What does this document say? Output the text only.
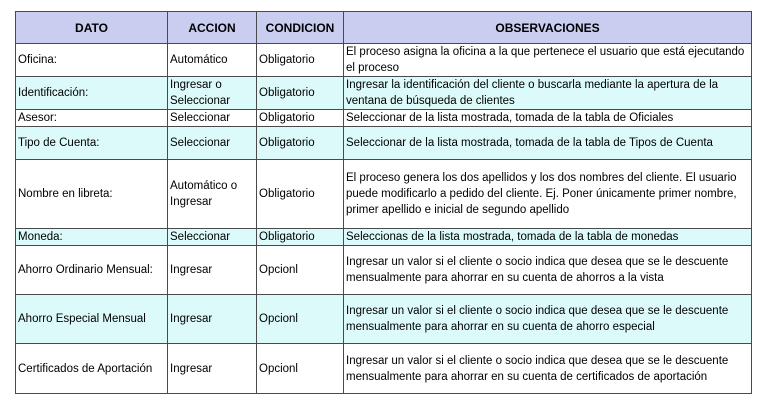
DATO	ACCION	CONDICION	OBSERVACIONES
Oficina:	Automático	Obligatorio	El proceso asigna la oficina a la que pertenece el usuario que está ejecutando el proceso
Identificación:	Ingresar o Seleccionar	Obligatorio	Ingresar la identificación del cliente o buscarla mediante la apertura de la ventana de búsqueda de clientes
Asesor:	Seleccionar	Obligatorio	Seleccionar de la lista mostrada, tomada de la tabla de Oficiales
Tipo de Cuenta:	Seleccionar	Obligatorio	Seleccionar de la lista mostrada, tomada de la tabla de Tipos de Cuenta
Nombre en libreta:	Automático o Ingresar	Obligatorio	El proceso genera los dos apellidos y los dos nombres del cliente. El usuario puede modificarlo a pedido del cliente. Ej. Poner únicamente primer nombre, primer apellido e inicial de segundo apellido
Moneda:	Seleccionar	Obligatorio	Seleccionas de la lista mostrada, tomada de la tabla de monedas
Ahorro Ordinario Mensual:	Ingresar	Opcionl	Ingresar un valor si el cliente o socio indica que desea que se le descuente mensualmente para ahorrar en su cuenta de ahorros a la vista
Ahorro Especial Mensual	Ingresar	Opcionl	Ingresar un valor si el cliente o socio indica que desea que se le descuente mensualmente para ahorrar en su cuenta de ahorro especial
Certificados de Aportación	Ingresar	Opcionl	Ingresar un valor si el cliente o socio indica que desea que se le descuente mensualmente para ahorrar en su cuenta de certificados de aportación
